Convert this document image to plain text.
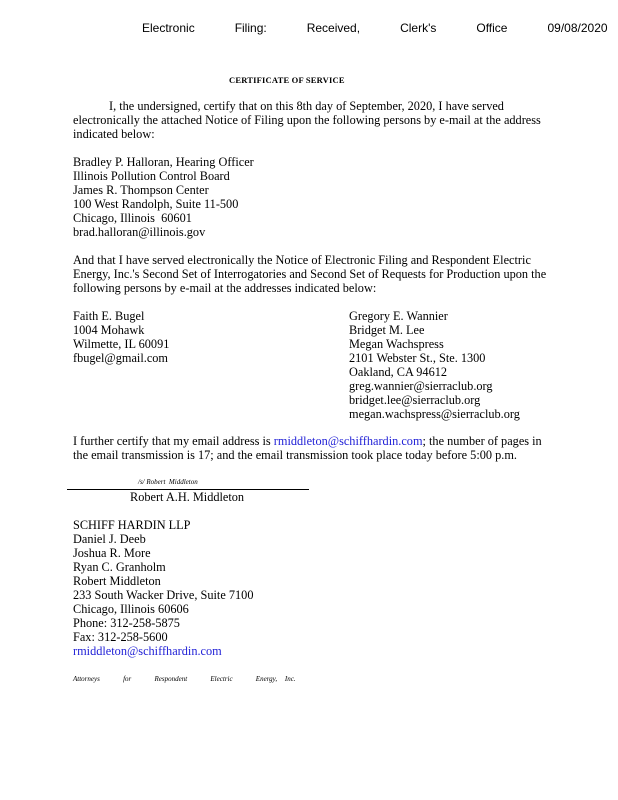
Electronic   Filing:   Received,   Clerk's   Office   09/08/2020
CERTIFICATE OF SERVICE
I, the undersigned, certify that on this 8th day of September, 2020, I have served
electronically the attached Notice of Filing upon the following persons by e-mail at the address
indicated below:
Bradley P. Halloran, Hearing Officer
Illinois Pollution Control Board
James R. Thompson Center
100 West Randolph, Suite 11-500
Chicago, Illinois  60601
brad.halloran@illinois.gov
And that I have served electronically the Notice of Electronic Filing and Respondent Electric
Energy, Inc.'s Second Set of Interrogatories and Second Set of Requests for Production upon the
following persons by e-mail at the addresses indicated below:
Faith E. Bugel
1004 Mohawk
Wilmette, IL 60091
fbugel@gmail.com
Gregory E. Wannier
Bridget M. Lee
Megan Wachspress
2101 Webster St., Ste. 1300
Oakland, CA 94612
greg.wannier@sierraclub.org
bridget.lee@sierraclub.org
megan.wachspress@sierraclub.org
I further certify that my email address is rmiddleton@schiffhardin.com; the number of pages in
the email transmission is 17; and the email transmission took place today before 5:00 p.m.
/s/ Robert  Middleton
Robert A.H. Middleton
SCHIFF HARDIN LLP
Daniel J. Deeb
Joshua R. More
Ryan C. Granholm
Robert Middleton
233 South Wacker Drive, Suite 7100
Chicago, Illinois 60606
Phone: 312-258-5875
Fax: 312-258-5600
rmiddleton@schiffhardin.com
Attorneys   for   Respondent   Electric   Energy, Inc.
